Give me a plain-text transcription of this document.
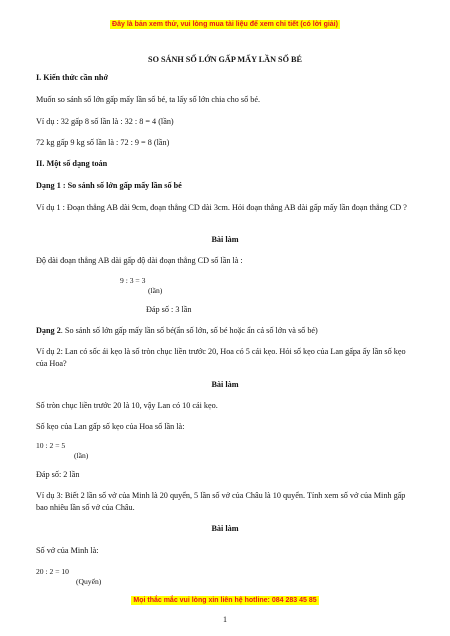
Đây là bản xem thử, vui lòng mua tài liệu để xem chi tiết (có lời giải)
SO SÁNH SỐ LỚN GẤP MẤY LẦN SỐ BÉ
I. Kiến thức cần nhớ
Muốn so sánh số lớn gấp mấy lần số bé, ta lấy số lớn chia cho số bé.
Ví dụ : 32 gấp 8 số lần là : 32 : 8 = 4 (lần)
72 kg gấp 9 kg số lần là : 72 : 9 = 8 (lần)
II. Một số dạng toán
Dạng 1 : So sánh số lớn gấp mấy lần số bé
Ví dụ 1 : Đoạn thẳng AB dài 9cm, đoạn thẳng CD dài 3cm. Hỏi đoạn thẳng AB dài gấp mấy lần đoạn thẳng CD ?
Bài làm
Độ dài đoạn thẳng AB dài gấp độ dài đoạn thẳng CD số lần là :
9 : 3 = 3
(lần)
Đáp số : 3 lần
Dạng 2. So sánh số lớn gấp mấy lần số bé(ẩn số lớn, số bé hoặc ẩn cả số lớn và số bé)
Ví dụ 2: Lan có sốc ái kẹo là số tròn chục liền trước 20, Hoa có 5 cái kẹo. Hỏi số kẹo của Lan gấpa ấy lần số kẹo của Hoa?
Bài làm
Số tròn chục liền trước 20 là 10, vậy Lan có 10 cái kẹo.
Số kẹo của Lan gấp số kẹo của Hoa số lần là:
10 : 2 = 5
(lần)
Đáp số: 2 lần
Ví dụ 3: Biết 2 lần số vở của Minh là 20 quyển, 5 lần số vở của Châu là 10 quyển. Tính xem số vở của Minh gấp bao nhiêu lần số vở của Châu.
Bài làm
Số vở của Minh là:
20 : 2 = 10
(Quyển)
Mọi thắc mắc vui lòng xin liên hệ hotline: 084 283 45 85
1
